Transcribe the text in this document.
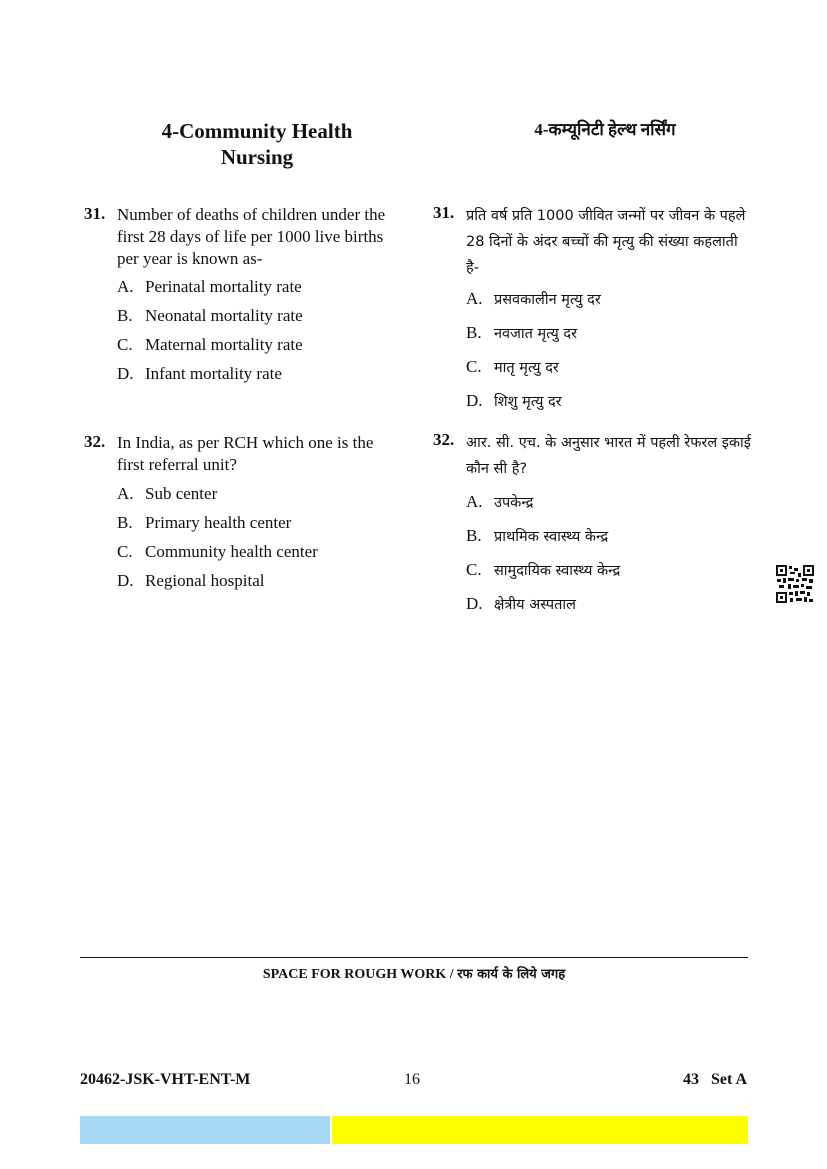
4-Community Health
Nursing
4-कम्यूनिटी हेल्थ नर्सिंग
31. Number of deaths of children under the first 28 days of life per 1000 live births per year is known as-
A. Perinatal mortality rate
B. Neonatal mortality rate
C. Maternal mortality rate
D. Infant mortality rate
32. In India, as per RCH which one is the first referral unit?
A. Sub center
B. Primary health center
C. Community health center
D. Regional hospital
31. प्रति वर्ष प्रति 1000 जीवित जन्मों पर जीवन के पहले 28 दिनों के अंदर बच्चों की मृत्यु की संख्या कहलाती है-
A. प्रसवकालीन मृत्यु दर
B. नवजात मृत्यु दर
C. मातृ मृत्यु दर
D. शिशु मृत्यु दर
32. आर. सी. एच. के अनुसार भारत में पहली रेफरल इकाई कौन सी है?
A. उपकेन्द्र
B. प्राथमिक स्वास्थ्य केन्द्र
C. सामुदायिक स्वास्थ्य केन्द्र
D. क्षेत्रीय अस्पताल
SPACE FOR ROUGH WORK / रफ कार्य के लिये जगह
20462-JSK-VHT-ENT-M	16	43   Set A
